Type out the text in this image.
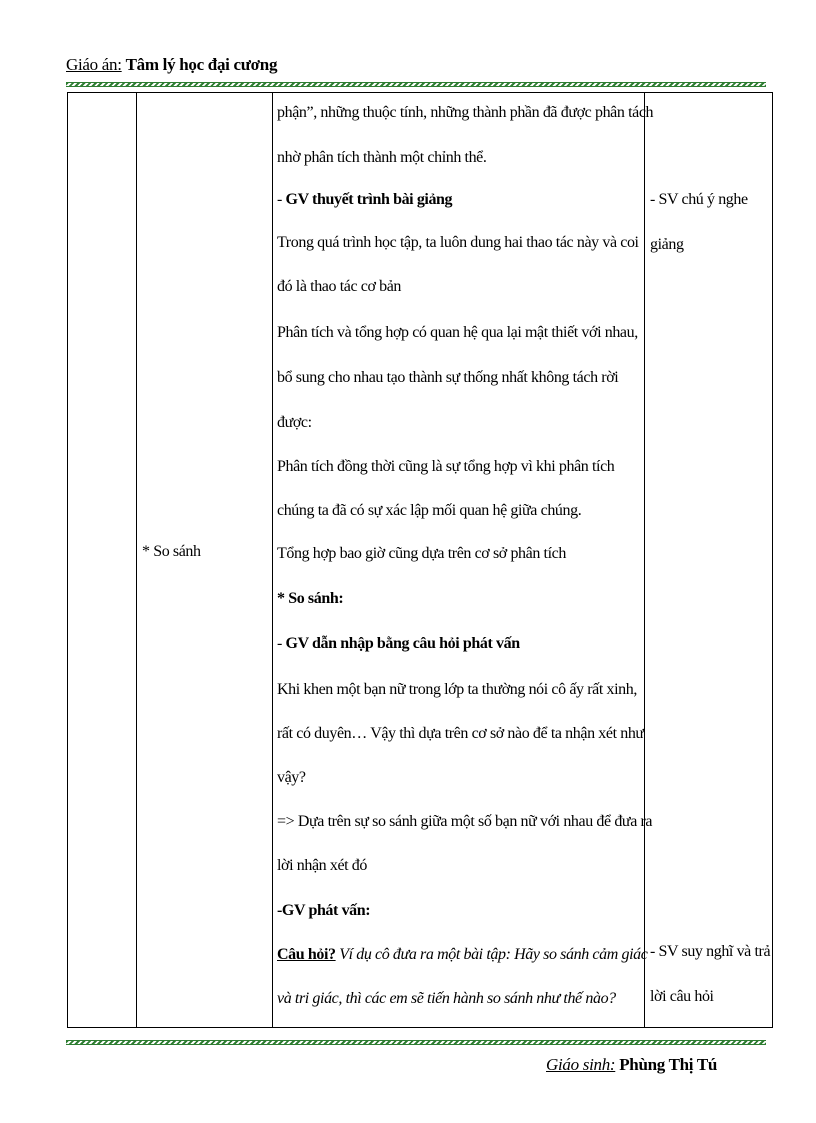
Giáo án: Tâm lý học đại cương
* So sánh
phận”, những thuộc tính, những thành phần đã được phân tách
nhờ phân tích thành một chỉnh thể.
- GV thuyết trình bài giảng
Trong quá trình học tập, ta luôn dung hai thao tác này và coi
đó là thao tác cơ bản
Phân tích và tổng hợp có quan hệ qua lại mật thiết với nhau,
bổ sung cho nhau tạo thành sự thống nhất không tách rời
được:
Phân tích đồng thời cũng là sự tổng hợp vì khi phân tích
chúng ta đã có sự xác lập mối quan hệ giữa chúng.
Tổng hợp bao giờ cũng dựa trên cơ sở phân tích
* So sánh:
- GV dẫn nhập bằng câu hỏi phát vấn
Khi khen một bạn nữ trong lớp ta thường nói cô ấy rất xinh,
rất có duyên… Vậy thì dựa trên cơ sở nào để ta nhận xét như
vậy?
=> Dựa trên sự so sánh giữa một số bạn nữ với nhau để đưa ra
lời nhận xét đó
-GV phát vấn:
Câu hỏi? Ví dụ cô đưa ra một bài tập: Hãy so sánh cảm giác
và tri giác, thì các em sẽ tiến hành so sánh như thế nào?
- SV chú ý nghe
giảng
- SV suy nghĩ và trả
lời câu hỏi
Giáo sinh: Phùng Thị Tú
